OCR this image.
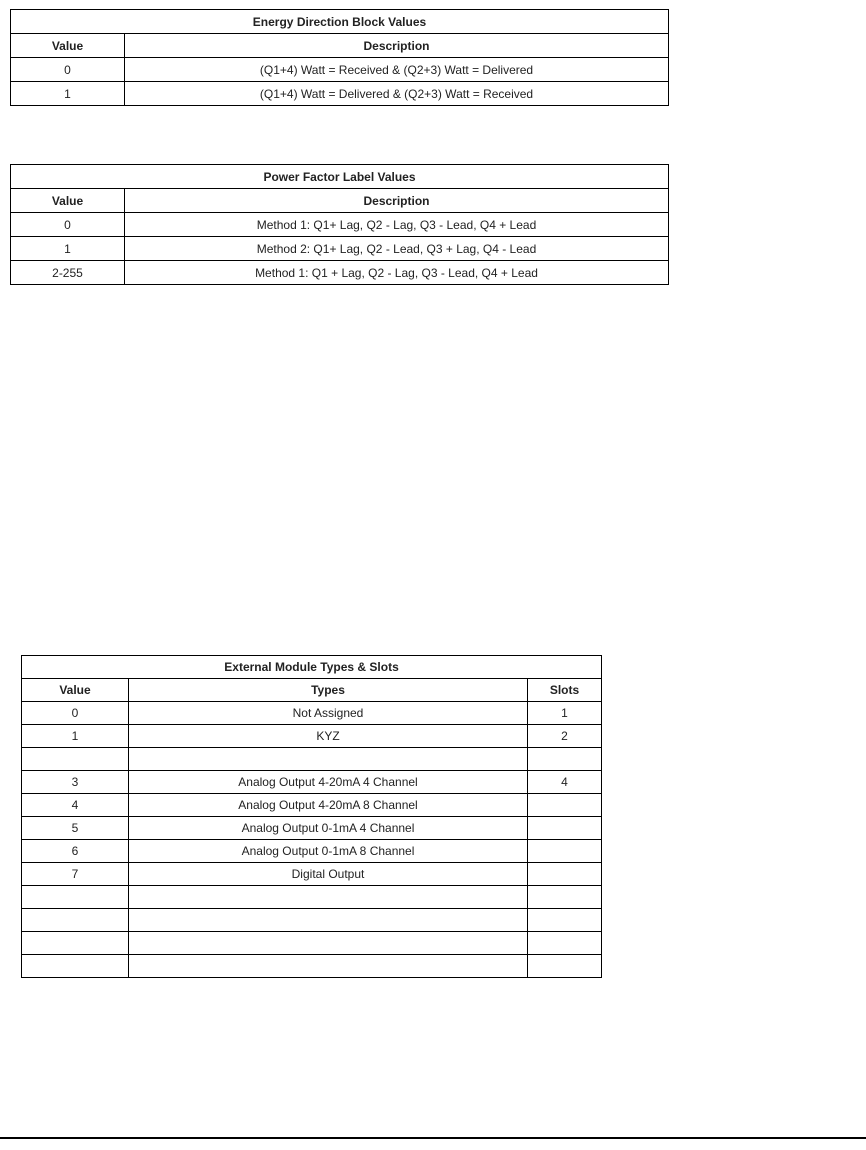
Energy Direction Block Values	
Value	Description
0	(Q1+4) Watt = Received & (Q2+3) Watt = Delivered
1	(Q1+4) Watt = Delivered & (Q2+3) Watt = Received
Power Factor Label Values	
Value	Description
0	Method 1: Q1+ Lag, Q2 - Lag, Q3 - Lead, Q4 + Lead
1	Method 2: Q1+ Lag, Q2 - Lead, Q3 + Lag, Q4 - Lead
2-255	Method 1: Q1 + Lag, Q2 - Lag, Q3 - Lead, Q4 + Lead
External Module Types & Slots		
Value	Types	Slots
0	Not Assigned	1
1	KYZ	2

3	Analog Output 4-20mA 4 Channel	4
4	Analog Output 4-20mA 8 Channel	
5	Analog Output 0-1mA 4 Channel	
6	Analog Output 0-1mA 8 Channel	
7	Digital Output	
